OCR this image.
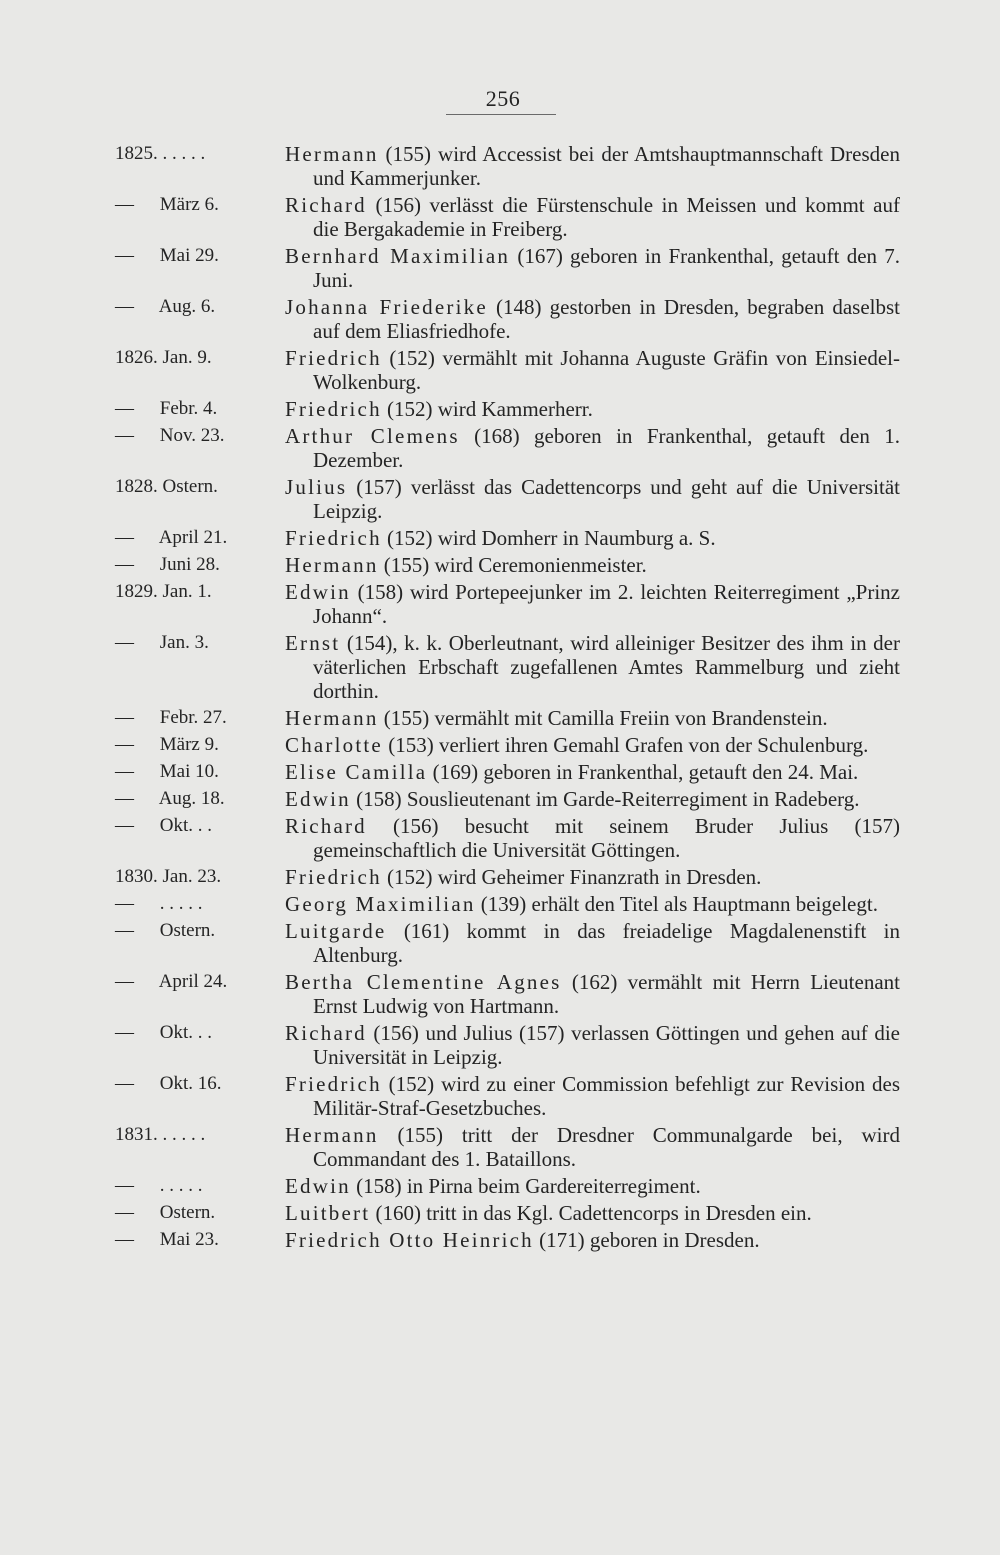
256
1825. . . . . .	Hermann (155) wird Accessist bei der Amtshauptmannschaft Dresden und Kammerjunker.
— März 6.	Richard (156) verlässt die Fürstenschule in Meissen und kommt auf die Bergakademie in Freiberg.
— Mai 29.	Bernhard Maximilian (167) geboren in Frankenthal, getauft den 7. Juni.
— Aug. 6.	Johanna Friederike (148) gestorben in Dresden, begraben daselbst auf dem Eliasfriedhofe.
1826. Jan. 9.	Friedrich (152) vermählt mit Johanna Auguste Gräfin von Einsiedel-Wolkenburg.
— Febr. 4.	Friedrich (152) wird Kammerherr.
— Nov. 23.	Arthur Clemens (168) geboren in Frankenthal, getauft den 1. Dezember.
1828. Ostern.	Julius (157) verlässt das Cadettencorps und geht auf die Universität Leipzig.
— April 21.	Friedrich (152) wird Domherr in Naumburg a. S.
— Juni 28.	Hermann (155) wird Ceremonienmeister.
1829. Jan. 1.	Edwin (158) wird Portepeejunker im 2. leichten Reiterregiment „Prinz Johann“.
— Jan. 3.	Ernst (154), k. k. Oberleutnant, wird alleiniger Besitzer des ihm in der väterlichen Erbschaft zugefallenen Amtes Rammelburg und zieht dorthin.
— Febr. 27.	Hermann (155) vermählt mit Camilla Freiin von Brandenstein.
— März 9.	Charlotte (153) verliert ihren Gemahl Grafen von der Schulenburg.
— Mai 10.	Elise Camilla (169) geboren in Frankenthal, getauft den 24. Mai.
— Aug. 18.	Edwin (158) Souslieutenant im Garde-Reiterregiment in Radeberg.
— Okt. . .	Richard (156) besucht mit seinem Bruder Julius (157) gemeinschaftlich die Universität Göttingen.
1830. Jan. 23.	Friedrich (152) wird Geheimer Finanzrath in Dresden.
— . . . . .	Georg Maximilian (139) erhält den Titel als Hauptmann beigelegt.
— Ostern.	Luitgarde (161) kommt in das freiadelige Magdalenenstift in Altenburg.
— April 24.	Bertha Clementine Agnes (162) vermählt mit Herrn Lieutenant Ernst Ludwig von Hartmann.
— Okt. . .	Richard (156) und Julius (157) verlassen Göttingen und gehen auf die Universität in Leipzig.
— Okt. 16.	Friedrich (152) wird zu einer Commission befehligt zur Revision des Militär-Straf-Gesetzbuches.
1831. . . . . .	Hermann (155) tritt der Dresdner Communalgarde bei, wird Commandant des 1. Bataillons.
— . . . . .	Edwin (158) in Pirna beim Gardereiterregiment.
— Ostern.	Luitbert (160) tritt in das Kgl. Cadettencorps in Dresden ein.
— Mai 23.	Friedrich Otto Heinrich (171) geboren in Dresden.
